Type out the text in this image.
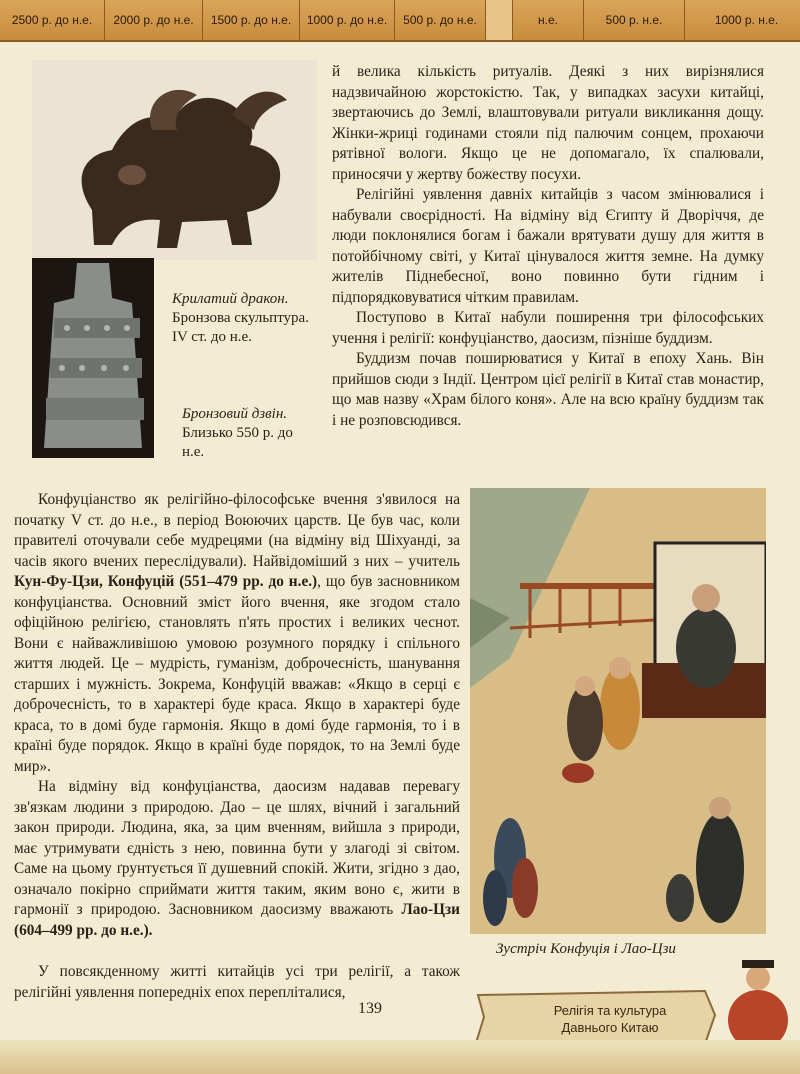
2500 р. до н.е.	2000 р. до н.е.	1500 р. до н.е.	1000 р. до н.е.	500 р. до н.е.	н.е.	500 р. н.е.	1000 р. н.е.
Крилатий дракон.
Бронзова скульптура. IV ст. до н.е.
Бронзовий дзвін.
Близько 550 р. до н.е.

й велика кількість ритуалів. Деякі з них вирізнялися надзвичайною жорстокістю. Так, у випадках засухи китайці, звертаючись до Землі, влаштовували ритуали викликання дощу. Жінки-жриці годинами стояли під палючим сонцем, прохаючи рятівної вологи. Якщо це не допомагало, їх спалювали, приносячи у жертву божеству посухи.

Релігійні уявлення давніх китайців з часом змінювалися і набували своєрідності. На відміну від Єгипту й Дворіччя, де люди поклонялися богам і бажали врятувати душу для життя в потойбічному світі, у Китаї цінувалося життя земне. На думку жителів Піднебесної, воно повинно бути гідним і підпорядковуватися чітким правилам.

Поступово в Китаї набули поширення три філософських учення і релігії: конфуціанство, даосизм, пізніше буддизм.

Буддизм почав поширюватися у Китаї в епоху Хань. Він прийшов сюди з Індії. Центром цієї релігії в Китаї став монастир, що мав назву «Храм білого коня». Але на всю країну буддизм так і не розповсюдився.

Конфуціанство як релігійно-філософське вчення з'явилося на початку V ст. до н.е., в період Воюючих царств. Це був час, коли правителі оточували себе мудрецями (на відміну від Шіхуанді, за часів якого вчених переслідували). Найвідоміший з них – учитель Кун-Фу-Цзи, Конфуцій (551–479 рр. до н.е.), що був засновником конфуціанства. Основний зміст його вчення, яке згодом стало офіційною релігією, становлять п'ять простих і великих чеснот. Вони є найважливішою умовою розумного порядку і спільного життя людей. Це – мудрість, гуманізм, доброчесність, шанування старших і мужність. Зокрема, Конфуцій вважав: «Якщо в серці є доброчесність, то в характері буде краса. Якщо в характері буде краса, то в домі буде гармонія. Якщо в домі буде гармонія, то і в країні буде порядок. Якщо в країні буде порядок, то на Землі буде мир».

На відміну від конфуціанства, даосизм надавав перевагу зв'язкам людини з природою. Дао – це шлях, вічний і загальний закон природи. Людина, яка, за цим вченням, вийшла з природи, має утримувати єдність з нею, повинна бути у злагоді зі світом. Саме на цьому ґрунтується її душевний спокій. Жити, згідно з дао, означало покірно сприймати життя таким, яким воно є, жити в гармонії з природою. Засновником даосизму вважають Лао-Цзи (604–499 рр. до н.е.).

Зустріч Конфуція і Лао-Цзи

У повсякденному житті китайців усі три релігії, а також релігійні уявлення попередніх епох перепліталися,

139	Релігія та культура
Давнього Китаю
